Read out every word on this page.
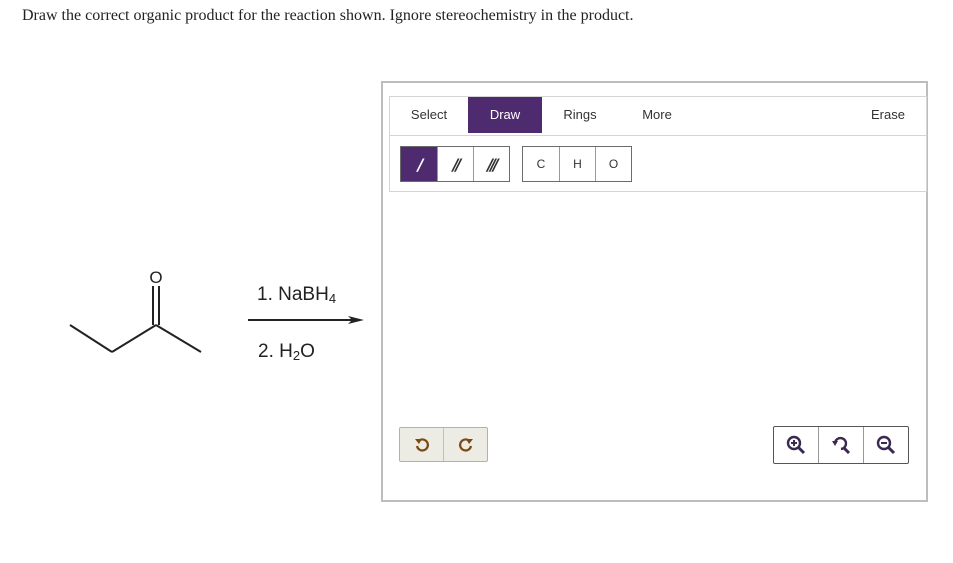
Draw the correct organic product for the reaction shown. Ignore stereochemistry in the product.
O
1. NaBH$_4$
2. $H_2O$
Select	Draw	Rings	More	Erase
/	//	///	C	H	O
